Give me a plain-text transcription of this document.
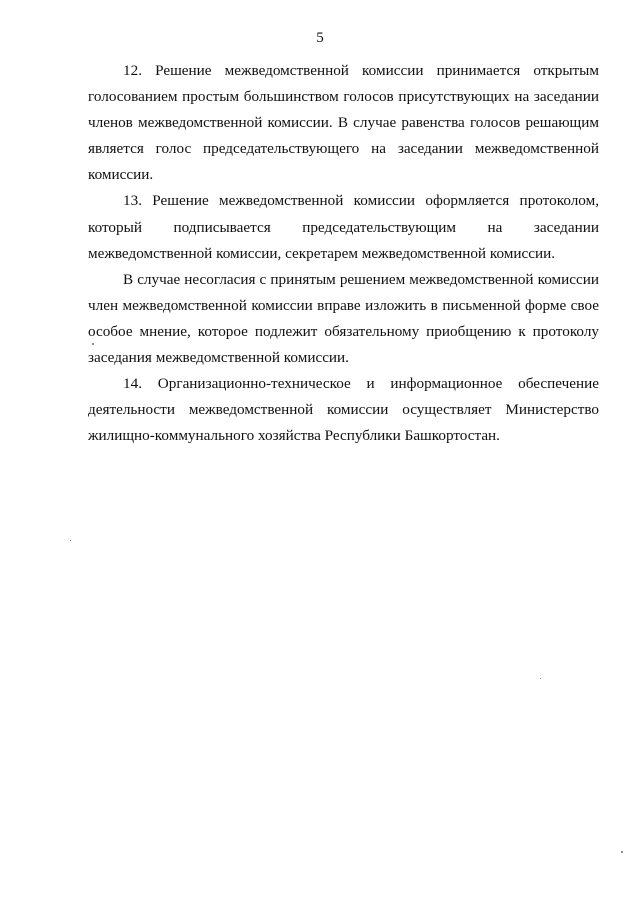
5

12. Решение межведомственной комиссии принимается открытым голосованием простым большинством голосов присутствующих на заседании членов межведомственной комиссии. В случае равенства голосов решающим является голос председательствующего на заседании межведомственной комиссии.

13. Решение межведомственной комиссии оформляется протоколом, который подписывается председательствующим на заседании межведомственной комиссии, секретарем межведомственной комиссии.

В случае несогласия с принятым решением межведомственной комиссии член межведомственной комиссии вправе изложить в письменной форме свое особое мнение, которое подлежит обязательному приобщению к протоколу заседания межведомственной комиссии.

14. Организационно-техническое и информационное обеспечение деятельности межведомственной комиссии осуществляет Министерство жилищно-коммунального хозяйства Республики Башкортостан.
